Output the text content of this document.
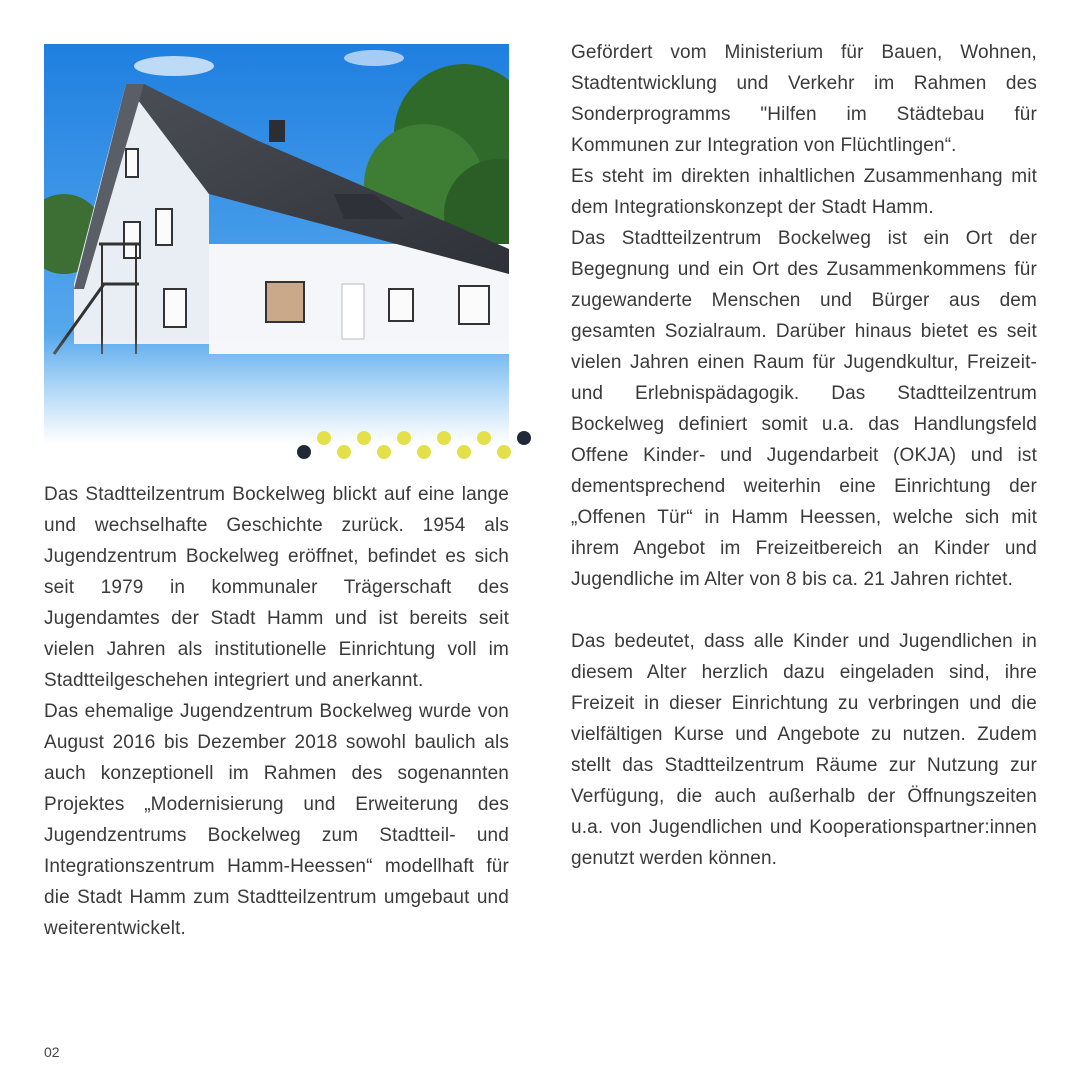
Das Stadtteilzentrum Bockelweg blickt auf eine lange und wechselhafte Geschichte zurück. 1954 als Jugendzentrum Bockelweg eröffnet, befindet es sich seit 1979 in kommunaler Trägerschaft des Jugendamtes der Stadt Hamm und ist bereits seit vielen Jahren als institutionelle Einrichtung voll im Stadtteilgeschehen integriert und anerkannt.

Das ehemalige Jugendzentrum Bockelweg wurde von August 2016 bis Dezember 2018 sowohl baulich als auch konzeptionell im Rahmen des sogenannten Projektes „Modernisierung und Erweiterung des Jugendzentrums Bockelweg zum Stadtteil- und Integrationszentrum Hamm-Heessen“ modellhaft für die Stadt Hamm zum Stadtteilzentrum umgebaut und weiterentwickelt.

Gefördert vom Ministerium für Bauen, Wohnen, Stadtentwicklung und Verkehr im Rahmen des Sonderprogramms "Hilfen im Städtebau für Kommunen zur Integration von Flüchtlingen“.

Es steht im direkten inhaltlichen Zusammenhang mit dem Integrationskonzept der Stadt Hamm.

Das Stadtteilzentrum Bockelweg ist ein Ort der Begegnung und ein Ort des Zusammenkommens für zugewanderte Menschen und Bürger aus dem gesamten Sozialraum. Darüber hinaus bietet es seit vielen Jahren einen Raum für Jugendkultur, Freizeit- und Erlebnispädagogik. Das Stadtteilzentrum Bockelweg definiert somit u.a. das Handlungsfeld Offene Kinder- und Jugendarbeit (OKJA) und ist dementsprechend weiterhin eine Einrichtung der „Offenen Tür“ in Hamm Heessen, welche sich mit ihrem Angebot im Freizeitbereich an Kinder und Jugendliche im Alter von 8 bis ca. 21 Jahren richtet.

Das bedeutet, dass alle Kinder und Jugendlichen in diesem Alter herzlich dazu eingeladen sind, ihre Freizeit in dieser Einrichtung zu verbringen und die vielfältigen Kurse und Angebote zu nutzen. Zudem stellt das Stadtteilzentrum Räume zur Nutzung zur Verfügung, die auch außerhalb der Öffnungszeiten u.a. von Jugendlichen und Kooperationspartner:innen genutzt werden können.

02
